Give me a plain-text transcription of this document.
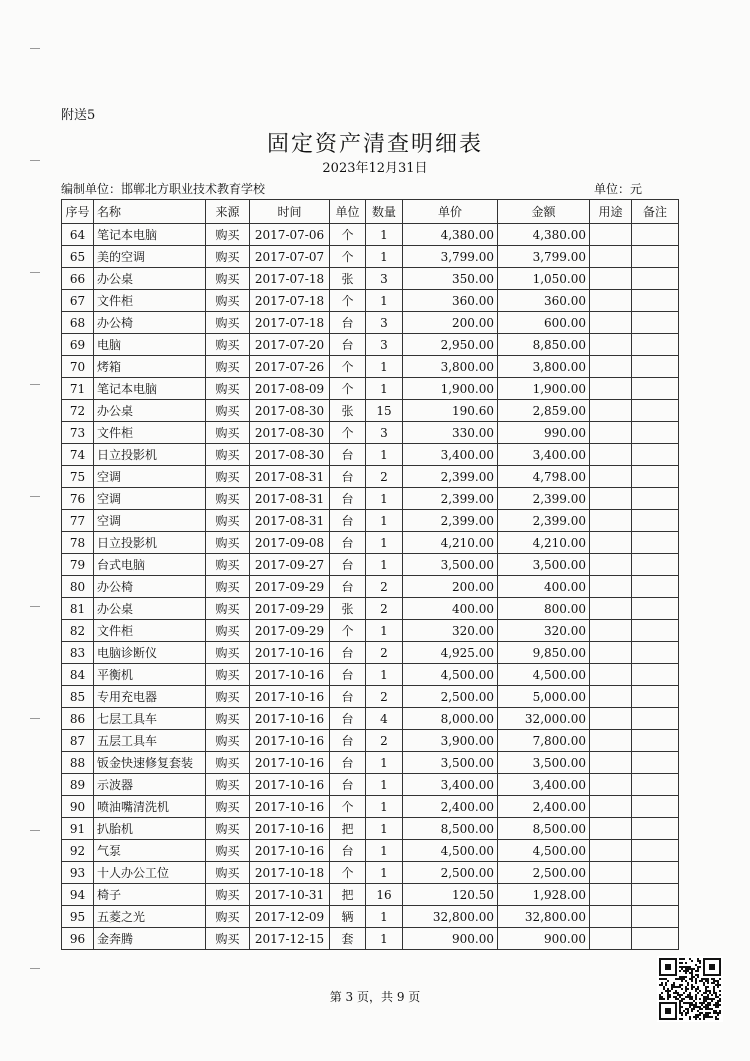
附送5
固定资产清查明细表
2023年12月31日
编制单位：邯郸北方职业技术教育学校	单位：元
序号	名称	来源	时间	单位	数量	单价	金额	用途	备注
64	笔记本电脑	购买	2017-07-06	个	1	4,380.00	4,380.00		
65	美的空调	购买	2017-07-07	个	1	3,799.00	3,799.00		
66	办公桌	购买	2017-07-18	张	3	350.00	1,050.00		
67	文件柜	购买	2017-07-18	个	1	360.00	360.00		
68	办公椅	购买	2017-07-18	台	3	200.00	600.00		
69	电脑	购买	2017-07-20	台	3	2,950.00	8,850.00		
70	烤箱	购买	2017-07-26	个	1	3,800.00	3,800.00		
71	笔记本电脑	购买	2017-08-09	个	1	1,900.00	1,900.00		
72	办公桌	购买	2017-08-30	张	15	190.60	2,859.00		
73	文件柜	购买	2017-08-30	个	3	330.00	990.00		
74	日立投影机	购买	2017-08-30	台	1	3,400.00	3,400.00		
75	空调	购买	2017-08-31	台	2	2,399.00	4,798.00		
76	空调	购买	2017-08-31	台	1	2,399.00	2,399.00		
77	空调	购买	2017-08-31	台	1	2,399.00	2,399.00		
78	日立投影机	购买	2017-09-08	台	1	4,210.00	4,210.00		
79	台式电脑	购买	2017-09-27	台	1	3,500.00	3,500.00		
80	办公椅	购买	2017-09-29	台	2	200.00	400.00		
81	办公桌	购买	2017-09-29	张	2	400.00	800.00		
82	文件柜	购买	2017-09-29	个	1	320.00	320.00		
83	电脑诊断仪	购买	2017-10-16	台	2	4,925.00	9,850.00		
84	平衡机	购买	2017-10-16	台	1	4,500.00	4,500.00		
85	专用充电器	购买	2017-10-16	台	2	2,500.00	5,000.00		
86	七层工具车	购买	2017-10-16	台	4	8,000.00	32,000.00		
87	五层工具车	购买	2017-10-16	台	2	3,900.00	7,800.00		
88	钣金快速修复套装	购买	2017-10-16	台	1	3,500.00	3,500.00		
89	示波器	购买	2017-10-16	台	1	3,400.00	3,400.00		
90	喷油嘴清洗机	购买	2017-10-16	个	1	2,400.00	2,400.00		
91	扒胎机	购买	2017-10-16	把	1	8,500.00	8,500.00		
92	气泵	购买	2017-10-16	台	1	4,500.00	4,500.00		
93	十人办公工位	购买	2017-10-18	个	1	2,500.00	2,500.00		
94	椅子	购买	2017-10-31	把	16	120.50	1,928.00		
95	五菱之光	购买	2017-12-09	辆	1	32,800.00	32,800.00		
96	金奔腾	购买	2017-12-15	套	1	900.00	900.00		
第 3 页，共 9 页
